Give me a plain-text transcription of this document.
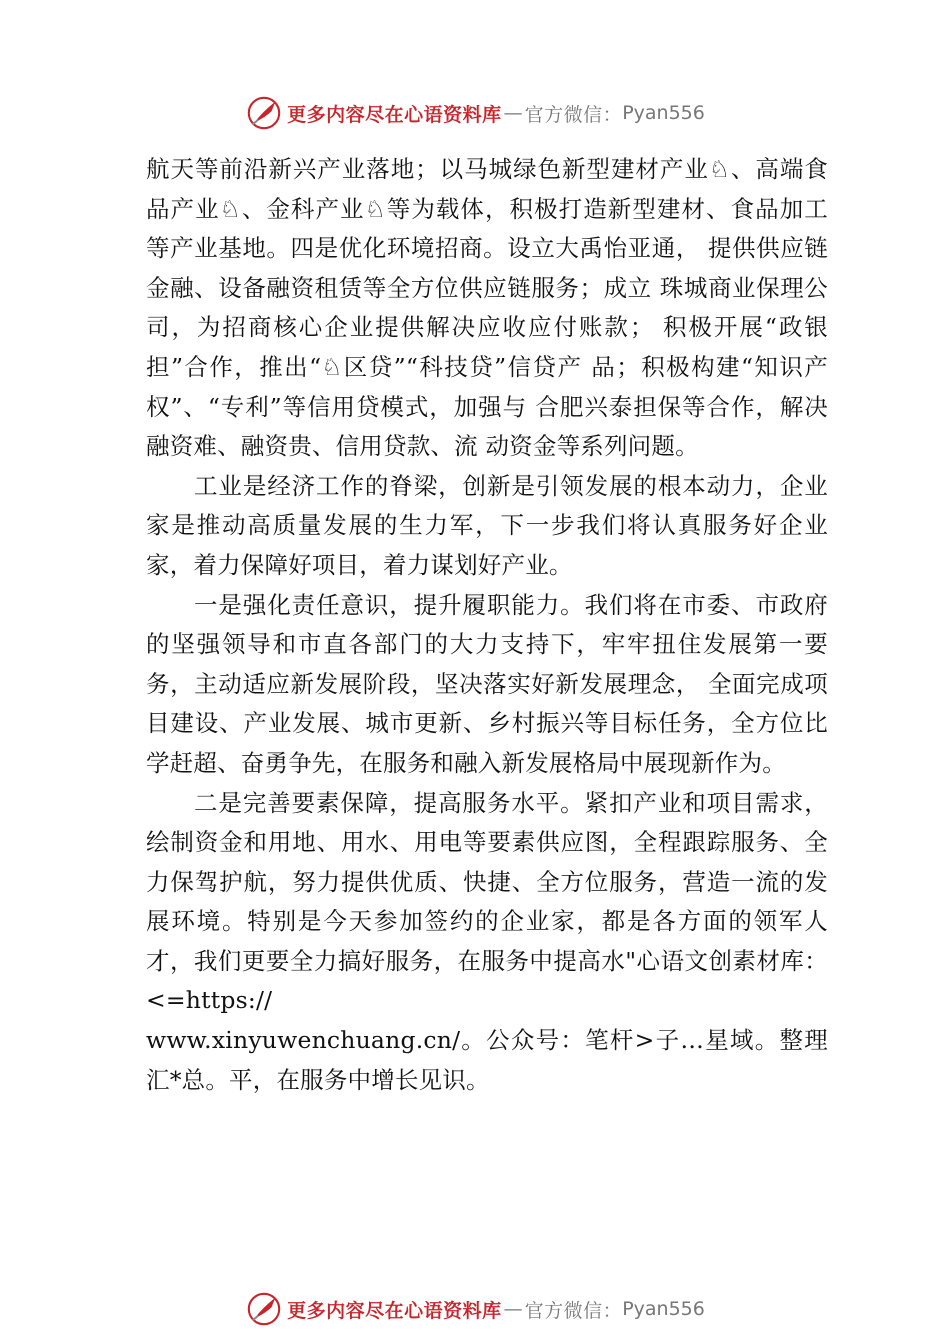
更多内容尽在心语资料库 — 官方微信： Pyan556

航天等前沿新兴产业落地；以马城绿色新型建材产业♘、高端食品产业♘、金科产业♘等为载体，积极打造新型建材、食品加工等产业基地。四是优化环境招商。设立大禹怡亚通， 提供供应链金融、设备融资租赁等全方位供应链服务；成立 珠城商业保理公司，为招商核心企业提供解决应收应付账款； 积极开展“政银担”合作，推出“♘区贷”“科技贷”信贷产 品；积极构建“知识产权”、“专利”等信用贷模式，加强与 合肥兴泰担保等合作，解决融资难、融资贵、信用贷款、流 动资金等系列问题。

工业是经济工作的脊梁，创新是引领发展的根本动力，企业家是推动高质量发展的生力军，下一步我们将认真服务好企业家，着力保障好项目，着力谋划好产业。

一是强化责任意识，提升履职能力。我们将在市委、市政府的坚强领导和市直各部门的大力支持下，牢牢扭住发展第一要务，主动适应新发展阶段，坚决落实好新发展理念， 全面完成项目建设、产业发展、城市更新、乡村振兴等目标任务，全方位比学赶超、奋勇争先，在服务和融入新发展格局中展现新作为。

二是完善要素保障，提高服务水平。紧扣产业和项目需求，绘制资金和用地、用水、用电等要素供应图，全程跟踪服务、全力保驾护航，努力提供优质、快捷、全方位服务，营造一流的发展环境。特别是今天参加签约的企业家，都是各方面的领军人才，我们更要全力搞好服务，在服务中提高水"心语文创素材库：<=https://

www.xinyuwenchuang.cn/。公众号：笔杆>子…星域。整理汇*总。平，在服务中增长见识。

更多内容尽在心语资料库 — 官方微信： Pyan556
